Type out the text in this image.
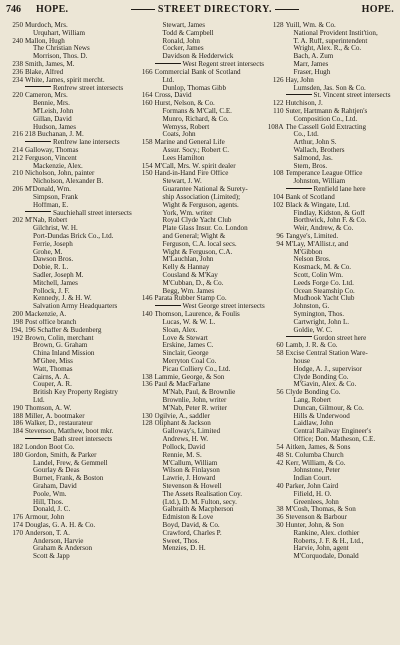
746	HOPE.	STREET DIRECTORY.	HOPE.
250 Murdoch, Mrs.
Urquhart, William
240 Mallon, Hugh
The Christian News
Morrison, Thos. D.
238 Smith, James, M.
236 Blake, Alfred
234 White, James, spirit mercht.
Renfrew street intersects
220 Cameron, Mrs.
Bennie, Mrs.
M'Leish, John
Gillan, David
Hudson, James
216 218 Buchanan, J. M.
Renfrew lane intersects
214 Galloway, Thomas
212 Ferguson, Vincent
Mackenzie, Alex.
210 Nicholson, John, painter
Nicholson, Alexander B.
206 M'Donald, Wm.
Simpson, Frank
Hoffman, E.
Sauchiehall street intersects
202 M'Nab, Robert
Gilchrist, W. H.
Port-Dundas Brick Co., Ltd.
Ferrie, Joseph
Grohe, M.
Dawson Bros.
Dobie, R. L.
Sadler, Joseph M.
Mitchell, James
Pollock, J. F.
Kennedy, J. & H. W.
Salvation Army Headquarters
200 Mackenzie, A.
198 Post office branch
194, 196 Schaffer & Budenberg
192 Brown, Colin, merchant
Brown, G. Graham
China Inland Mission
M'Ghee, Miss
Watt, Thomas
Cairns, A. A.
Couper, A. R.
British Key Property Registry
Ltd.
190 Thomson, A. W.
188 Miller, A. bootmaker
186 Walker, D., restaurateur
184 Stevenson, Matthew, boot mkr.
Bath street intersects
182 London Boot Co.
180 Gordon, Smith, & Parker
Landel, Frew, & Gemmell
Gourlay & Deas
Burnet, Frank, & Boston
Graham, David
Poole, Wm.
Hill, Thos.
Donald, J. C.
176 Armour, John
174 Douglas, G. A. H. & Co.
170 Anderson, T. A.
Anderson, Harvie
Graham & Anderson
Scott & Japp
Stewart, James
Todd & Campbell
Ronald, John
Cocker, James
Davidson & Hedderwick
West Regent street intersects
166 Commercial Bank of Scotland
Ltd.
Dunlop, Thomas Gibb
164 Cross, David
160 Hurst, Nelson, & Co.
Formans & M'Call, C.E.
Munro, Richard, & Co.
Wemyss, Robert
Coats, John
158 Marine and General Life
Assur. Socy.; Robert C.
Lees Hamilton
154 M'Call, Mrs. W. spirit dealer
150 Hand-in-Hand Fire Office
Stewart, J. W.
Guarantee National & Surety-
ship Association (Limited);
Wight & Ferguson, agents.
York, Wm. writer
Royal Clyde Yacht Club
Plate Glass Insur. Co. London
and General; Wight &
Ferguson, C.A. local secs.
Wight & Ferguson, C.A.
M'Lauchlan, John
Kelly & Hannay
Cousland & M'Kay
M'Cubban, D., & Co.
Begg, Wm. James
146 Parata Rubber Stamp Co.
West George street intersects
140 Thomson, Laurence, & Foulis
Lucas, W. & W. L.
Sloan, Alex.
Love & Stewart
Erskine, James C.
Sinclair, George
Merryton Coal Co.
Picau Colliery Co., Ltd.
138 Lammie, George, & Son
136 Paul & MacFarlane
M'Nab, Paul, & Brownlie
Brownlie, John, writer
M'Nab, Peter R. writer
130 Ogilvie, A., saddler
128 Oliphant & Jackson
Galloway's, Limited
Andrews, H. W.
Pollock, David
Rennie, M. S.
M'Callum, William
Wilson & Finlayson
Lawrie, J. Howard
Stevenson & Howell
The Assets Realisation Coy.
(Ltd.), D. M. Fulton, secy.
Galbraith & Macpherson
Edmiston & Love
Boyd, David, & Co.
Crawford, Charles P.
Sweet, Thos.
Menzies, D. H.
128 Yuill, Wm. & Co.
National Provident Instit'tion,
T. A. Ruff, superintendent
Wright, Alex. R., & Co.
Bach, A. Zum
Marr, James
Fraser, Hugh
126 Hay, John
Lumsden, Jas. Son & Co.
St. Vincent street intersects
122 Hutchison, J.
110 Suter, Hartmann & Rahtjen's
Composition Co., Ltd.
108A The Cassell Gold Extracting
Co., Ltd.
Arthur, John S.
Wallach, Brothers
Salmond, Jas.
Stern, Bros.
108 Temperance League Office
Johnston, William
Renfield lane here
104 Bank of Scotland
102 Black & Wingate, Ltd.
Findlay, Kidston, & Goff
Borthwick, John F. & Co.
Weir, Andrew, & Co.
96 Tangye's, Limited.
94 M'Lay, M'Allist.r, and
M'Gibbon
Nelson Bros.
Kosmack, M. & Co.
Scott, Colin Wm.
Leeds Forge Co. Ltd.
Ocean Steamship Co.
Mudhook Yacht Club
Johnston, G.
Symington, Thos.
Cartwright, John L.
Goldie, W. C.
Gordon street here
60 Lamb, J. R. & Co.
58 Excise Central Station Ware-
house
Hodge, A. J., supervisor
Clyde Bonding Co.
M'Gavin, Alex. & Co.
56 Clyde Bonding Co.
Lang, Robert
Duncan, Gilmour, & Co.
Hills & Underwood
Laidlaw, John
Central Railway Engineer's
Office; Don. Matheson, C.E.
54 Aitken, James, & Sons
48 St. Columba Church
42 Kerr, William, & Co.
Johnstone, Peter
Indian Court.
40 Parker, John Caird
Fifield, H. O.
Greenlees, John
38 M'Cosh, Thomas, & Son
36 Stevenson & Barbour
30 Hunter, John, & Son
Rankine, Alex. clothier
Roberts, J. F. & H., Ltd.,
Harvie, John, agent
M'Corquodale, Donald
